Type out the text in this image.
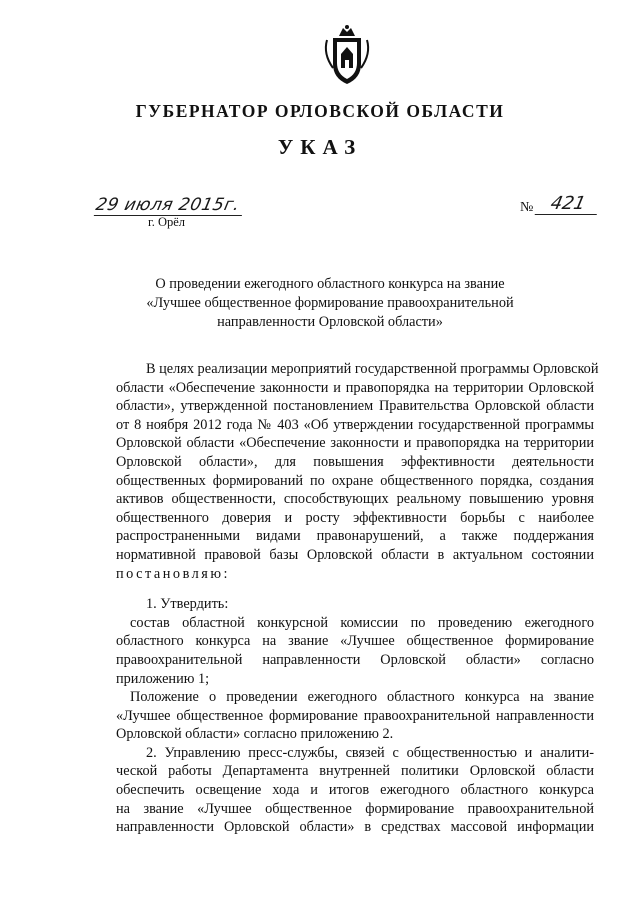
ГУБЕРНАТОР ОРЛОВСКОЙ ОБЛАСТИ
УКАЗ
29 июля 2015г.
г. Орёл
№ 421
О проведении ежегодного областного конкурса на звание
«Лучшее общественное формирование правоохранительной
направленности Орловской области»
В целях реализации мероприятий государственной программы Орловской
области «Обеспечение законности и правопорядка на территории Орловской
области», утвержденной постановлением Правительства Орловской области
от 8 ноября 2012 года № 403 «Об утверждении государственной программы
Орловской области «Обеспечение законности и правопорядка на территории
Орловской области», для повышения эффективности деятельности
общественных формирований по охране общественного порядка, создания
активов общественности, способствующих реальному повышению уровня
общественного доверия и росту эффективности борьбы с наиболее
распространенными видами правонарушений, а также поддержания
нормативной правовой базы Орловской области в актуальном состоянии
постановляю:
1. Утвердить:
состав областной конкурсной комиссии по проведению ежегодного
областного конкурса на звание «Лучшее общественное формирование
правоохранительной направленности Орловской области» согласно
приложению 1;
Положение о проведении ежегодного областного конкурса на звание
«Лучшее общественное формирование правоохранительной направленности
Орловской области» согласно приложению 2.
2. Управлению пресс-службы, связей с общественностью и аналити-
ческой работы Департамента внутренней политики Орловской области
обеспечить освещение хода и итогов ежегодного областного конкурса
на звание «Лучшее общественное формирование правоохранительной
направленности Орловской области» в средствах массовой информации
